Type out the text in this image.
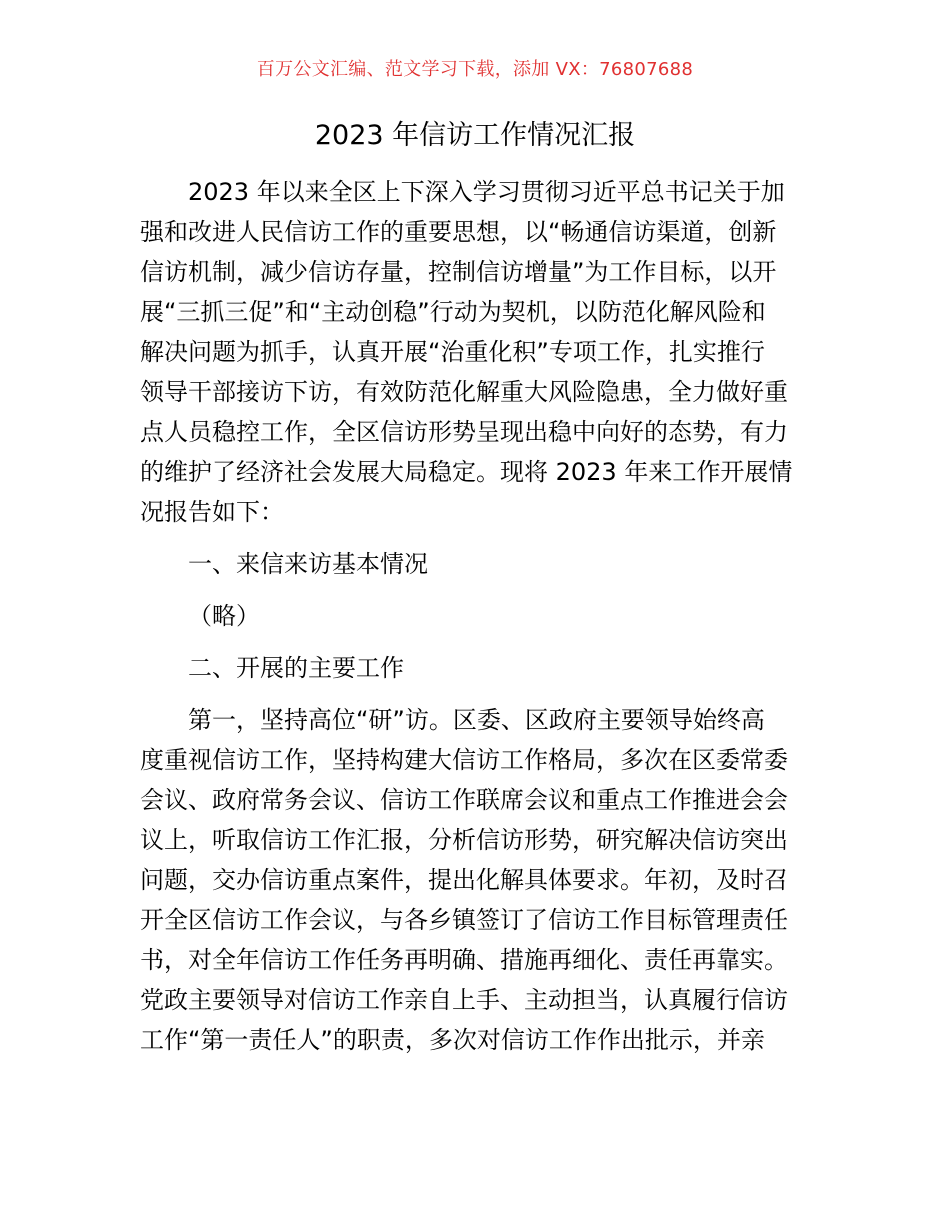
百万公文汇编、范文学习下载，添加 VX：76807688
2023 年信访工作情况汇报
2023 年以来全区上下深入学习贯彻习近平总书记关于加
强和改进人民信访工作的重要思想，以“畅通信访渠道，创新
信访机制，减少信访存量，控制信访增量”为工作目标，以开
展“三抓三促”和“主动创稳”行动为契机，以防范化解风险和
解决问题为抓手，认真开展“治重化积”专项工作，扎实推行
领导干部接访下访，有效防范化解重大风险隐患，全力做好重
点人员稳控工作，全区信访形势呈现出稳中向好的态势，有力
的维护了经济社会发展大局稳定。现将 2023 年来工作开展情
况报告如下：
一、来信来访基本情况
（略）
二、开展的主要工作
第一，坚持高位“研”访。区委、区政府主要领导始终高
度重视信访工作，坚持构建大信访工作格局，多次在区委常委
会议、政府常务会议、信访工作联席会议和重点工作推进会会
议上，听取信访工作汇报，分析信访形势，研究解决信访突出
问题，交办信访重点案件，提出化解具体要求。年初，及时召
开全区信访工作会议，与各乡镇签订了信访工作目标管理责任
书，对全年信访工作任务再明确、措施再细化、责任再靠实。
党政主要领导对信访工作亲自上手、主动担当，认真履行信访
工作“第一责任人”的职责，多次对信访工作作出批示，并亲
